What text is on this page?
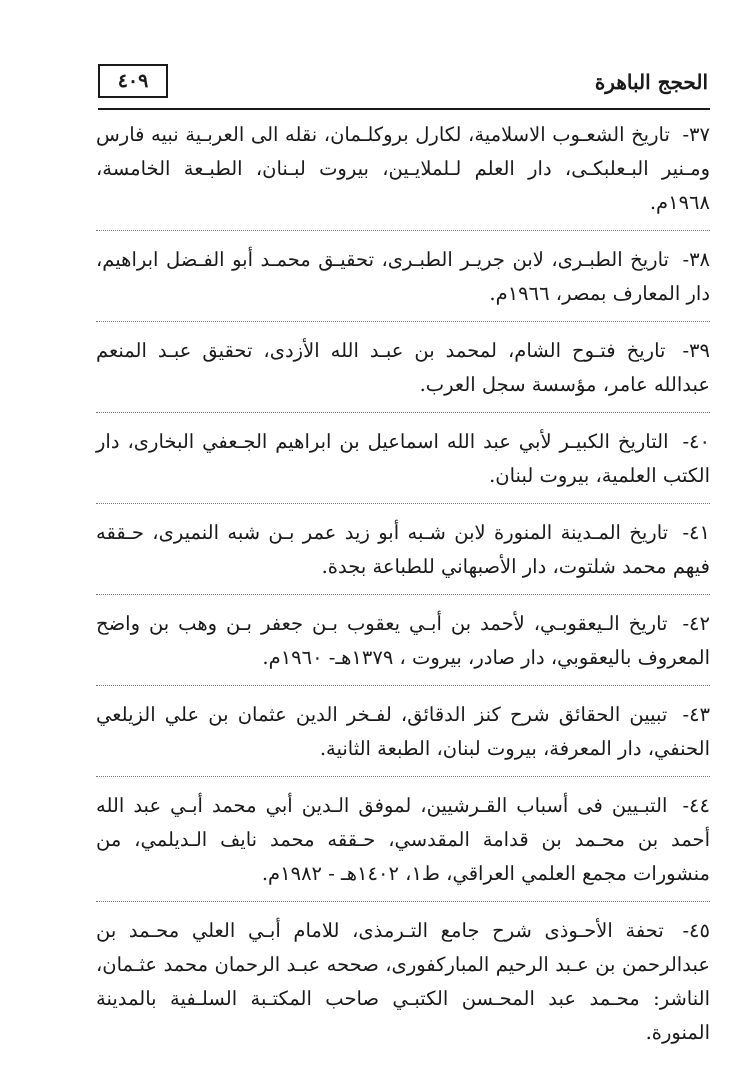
الحجج الباهرة
٤٠٩
٣٧- تاريخ الشعـوب الاسلامية، لكارل بروكلـمان، نقله الى العربـية نبيه فارس ومـنير البـعلبكـى، دار العلم لـلملايـين، بيروت لبـنان، الطبـعة الخامسة، ١٩٦٨م.
٣٨- تاريخ الطبـرى، لابن جريـر الطبـرى، تحقيـق محمـد أبو الفـضل ابراهيم، دار المعارف بمصر، ١٩٦٦م.
٣٩- تاريخ فتـوح الشام، لمحمد بن عبـد الله الأزدى، تحقيق عبـد المنعم عبدالله عامر، مؤسسة سجل العرب.
٤٠- التاريخ الكبيـر لأبي عبد الله اسماعيل بن ابراهيم الجـعفي البخارى، دار الكتب العلمية، بيروت لبنان.
٤١- تاريخ المـدينة المنورة لابن شـبه أبو زيد عمر بـن شبه النميرى، حـققه فيهم محمد شلتوت، دار الأصبهاني للطباعة بجدة.
٤٢- تاريخ الـيعقوبـي، لأحمد بن أبـي يعقوب بـن جعفر بـن وهب بن واضح المعروف باليعقوبي، دار صادر، بيروت ، ١٣٧٩هـ- ١٩٦٠م.
٤٣- تبيين الحقائق شرح كنز الدقائق، لفـخر الدين عثمان بن علي الزيلعي الحنفي، دار المعرفة، بيروت لبنان، الطبعة الثانية.
٤٤- التبـيين فى أسباب القـرشيين، لموفق الـدين أبي محمد أبـي عبد الله أحمد بن محـمد بن قدامة المقدسي، حـققه محمد نايف الـديلمي، من منشورات مجمع العلمي العراقي، ط١، ١٤٠٢هـ - ١٩٨٢م.
٤٥- تحفة الأحـوذى شرح جامع التـرمذى، للامام أبـي العلي محـمد بن عبدالرحمن بن عـبد الرحيم المباركفورى، صححه عبـد الرحمان محمد عثـمان، الناشر: محـمد عبد المحـسن الكتبـي صاحب المكتـبة السلـفية بالمدينة المنورة.
